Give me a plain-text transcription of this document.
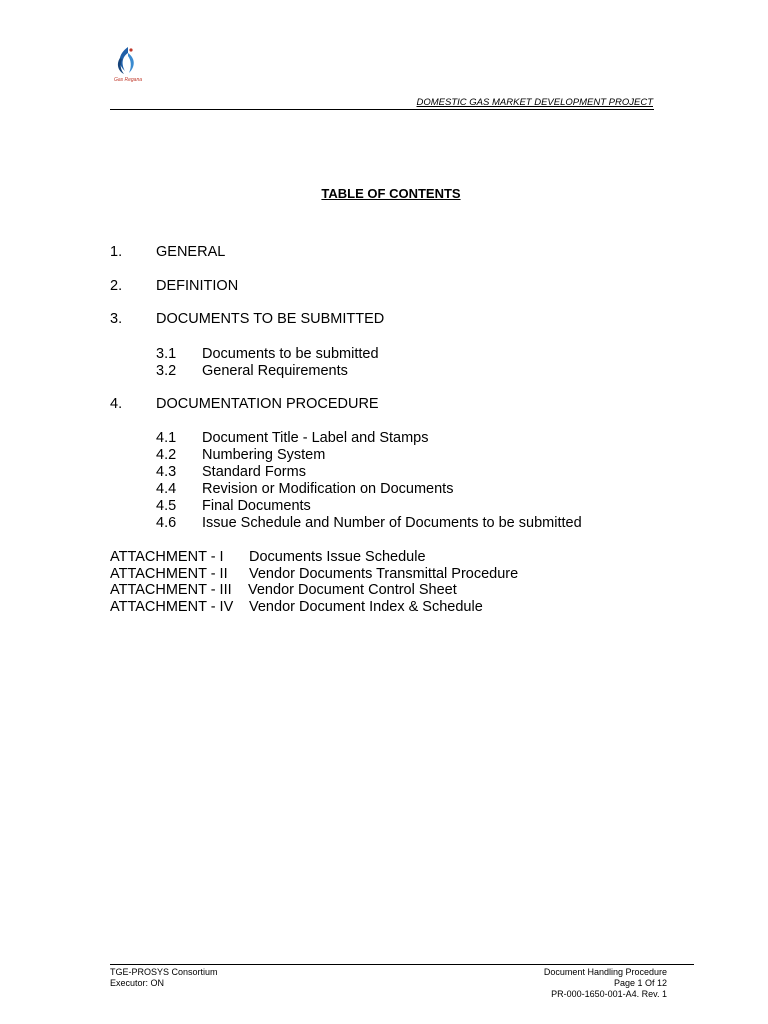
Gas Regana
DOMESTIC GAS MARKET DEVELOPMENT PROJECT
TABLE OF CONTENTS
1. GENERAL
2. DEFINITION
3. DOCUMENTS TO BE SUBMITTED
3.1 Documents to be submitted
3.2 General Requirements
4. DOCUMENTATION PROCEDURE
4.1 Document Title - Label and Stamps
4.2 Numbering System
4.3 Standard Forms
4.4 Revision or Modification on Documents
4.5 Final Documents
4.6 Issue Schedule and Number of Documents to be submitted
ATTACHMENT - I Documents Issue Schedule
ATTACHMENT - II Vendor Documents Transmittal Procedure
ATTACHMENT - III Vendor Document Control Sheet
ATTACHMENT - IV Vendor Document Index & Schedule
TGE-PROSYS Consortium
Executor: ON
Document Handling Procedure
Page 1 Of 12
PR-000-1650-001-A4. Rev. 1
